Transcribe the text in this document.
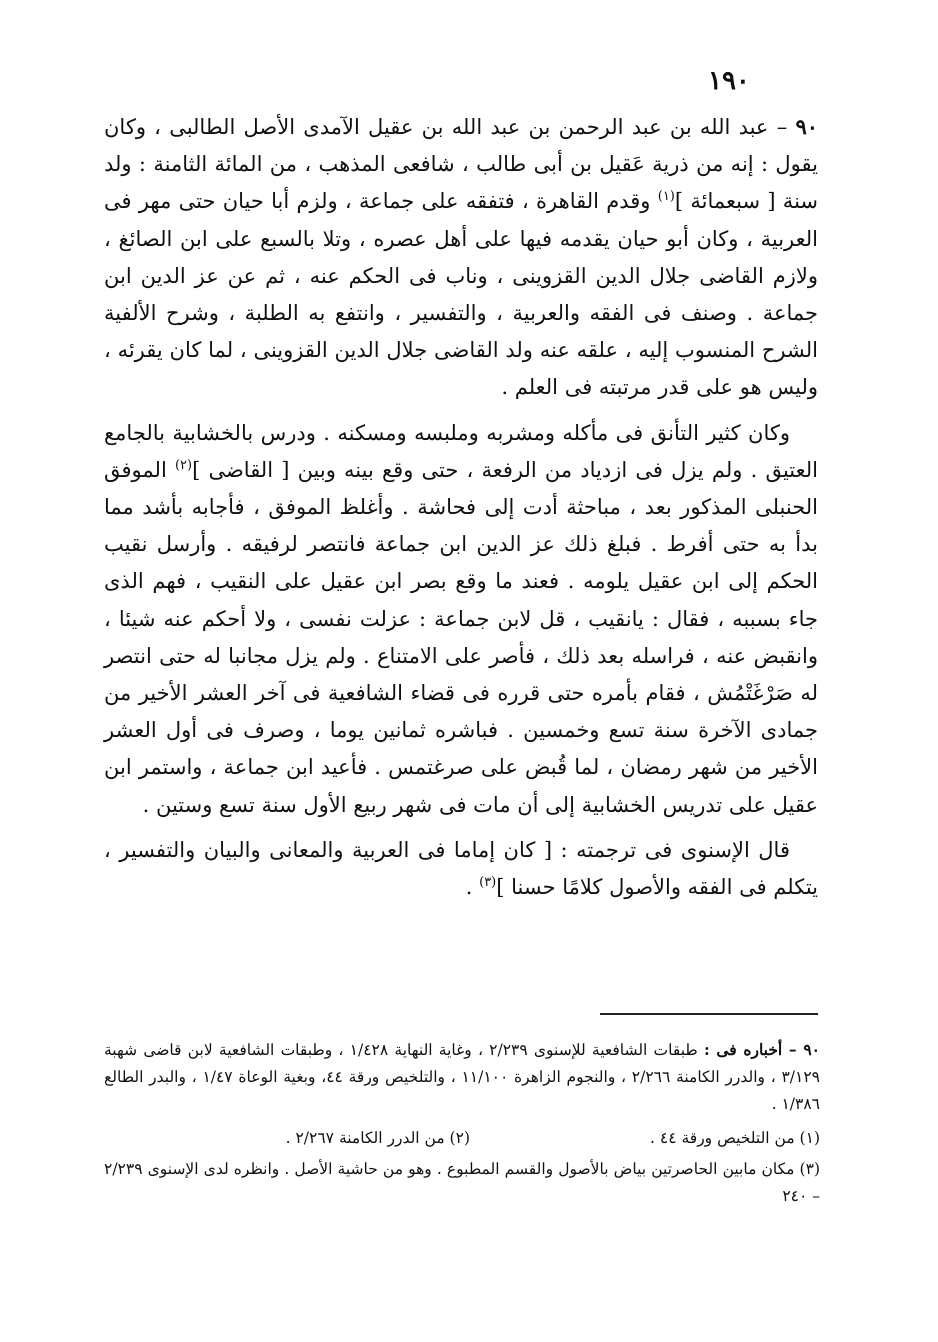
١٩٠

٩٠ – عبد الله بن عبد الرحمن بن عبد الله بن عقيل الآمدى الأصل الطالبى ، وكان يقول : إنه من ذرية عَقيل بن أبى طالب ، شافعى المذهب ، من المائة الثامنة : ولد سنة [ سبعمائة ]$^{(١)}$ وقدم القاهرة ، فتفقه على جماعة ، ولزم أبا حيان حتى مهر فى العربية ، وكان أبو حيان يقدمه فيها على أهل عصره ، وتلا بالسبع على ابن الصائغ ، ولازم القاضى جلال الدين القزوينى ، وناب فى الحكم عنه ، ثم عن عز الدين ابن جماعة . وصنف فى الفقه والعربية ، والتفسير ، وانتفع به الطلبة ، وشرح الألفية الشرح المنسوب إليه ، علقه عنه ولد القاضى جلال الدين القزوينى ، لما كان يقرئه ، وليس هو على قدر مرتبته فى العلم .

وكان كثير التأنق فى مأكله ومشربه وملبسه ومسكنه . ودرس بالخشابية بالجامع العتيق . ولم يزل فى ازدياد من الرفعة ، حتى وقع بينه وبين [ القاضى ]$^{(٢)}$ الموفق الحنبلى المذكور بعد ، مباحثة أدت إلى فحاشة . وأغلظ الموفق ، فأجابه بأشد مما بدأ به حتى أفرط . فبلغ ذلك عز الدين ابن جماعة فانتصر لرفيقه . وأرسل نقيب الحكم إلى ابن عقيل يلومه . فعند ما وقع بصر ابن عقيل على النقيب ، فهم الذى جاء بسببه ، فقال : يانقيب ، قل لابن جماعة : عزلت نفسى ، ولا أحكم عنه شيئا ، وانقبض عنه ، فراسله بعد ذلك ، فأصر على الامتناع . ولم يزل مجانبا له حتى انتصر له صَرْغَتْمُش ، فقام بأمره حتى قرره فى قضاء الشافعية فى آخر العشر الأخير من جمادى الآخرة سنة تسع وخمسين . فباشره ثمانين يوما ، وصرف فى أول العشر الأخير من شهر رمضان ، لما قُبض على صرغتمس . فأعيد ابن جماعة ، واستمر ابن عقيل على تدريس الخشابية إلى أن مات فى شهر ربيع الأول سنة تسع وستين .

قال الإسنوى فى ترجمته : [ كان إماما فى العربية والمعانى والبيان والتفسير ، يتكلم فى الفقه والأصول كلامًا حسنا ]$^{(٣)}$ .

٩٠ – أخباره فى : طبقات الشافعية للإسنوى ٢/٢٣٩ ، وغاية النهاية ١/٤٢٨ ، وطبقات الشافعية لابن قاضى شهبة ٣/١٢٩ ، والدرر الكامنة ٢/٢٦٦ ، والنجوم الزاهرة ١١/١٠٠ ، والتلخيص ورقة ٤٤، وبغية الوعاة ١/٤٧ ، والبدر الطالع ١/٣٨٦ .

(١) من التلخيص ورقة ٤٤ .

(٢) من الدرر الكامنة ٢/٢٦٧ .

(٣) مكان مابين الحاصرتين بياض بالأصول والقسم المطبوع . وهو من حاشية الأصل . وانظره لدى الإسنوى ٢/٢٣٩ – ٢٤٠
